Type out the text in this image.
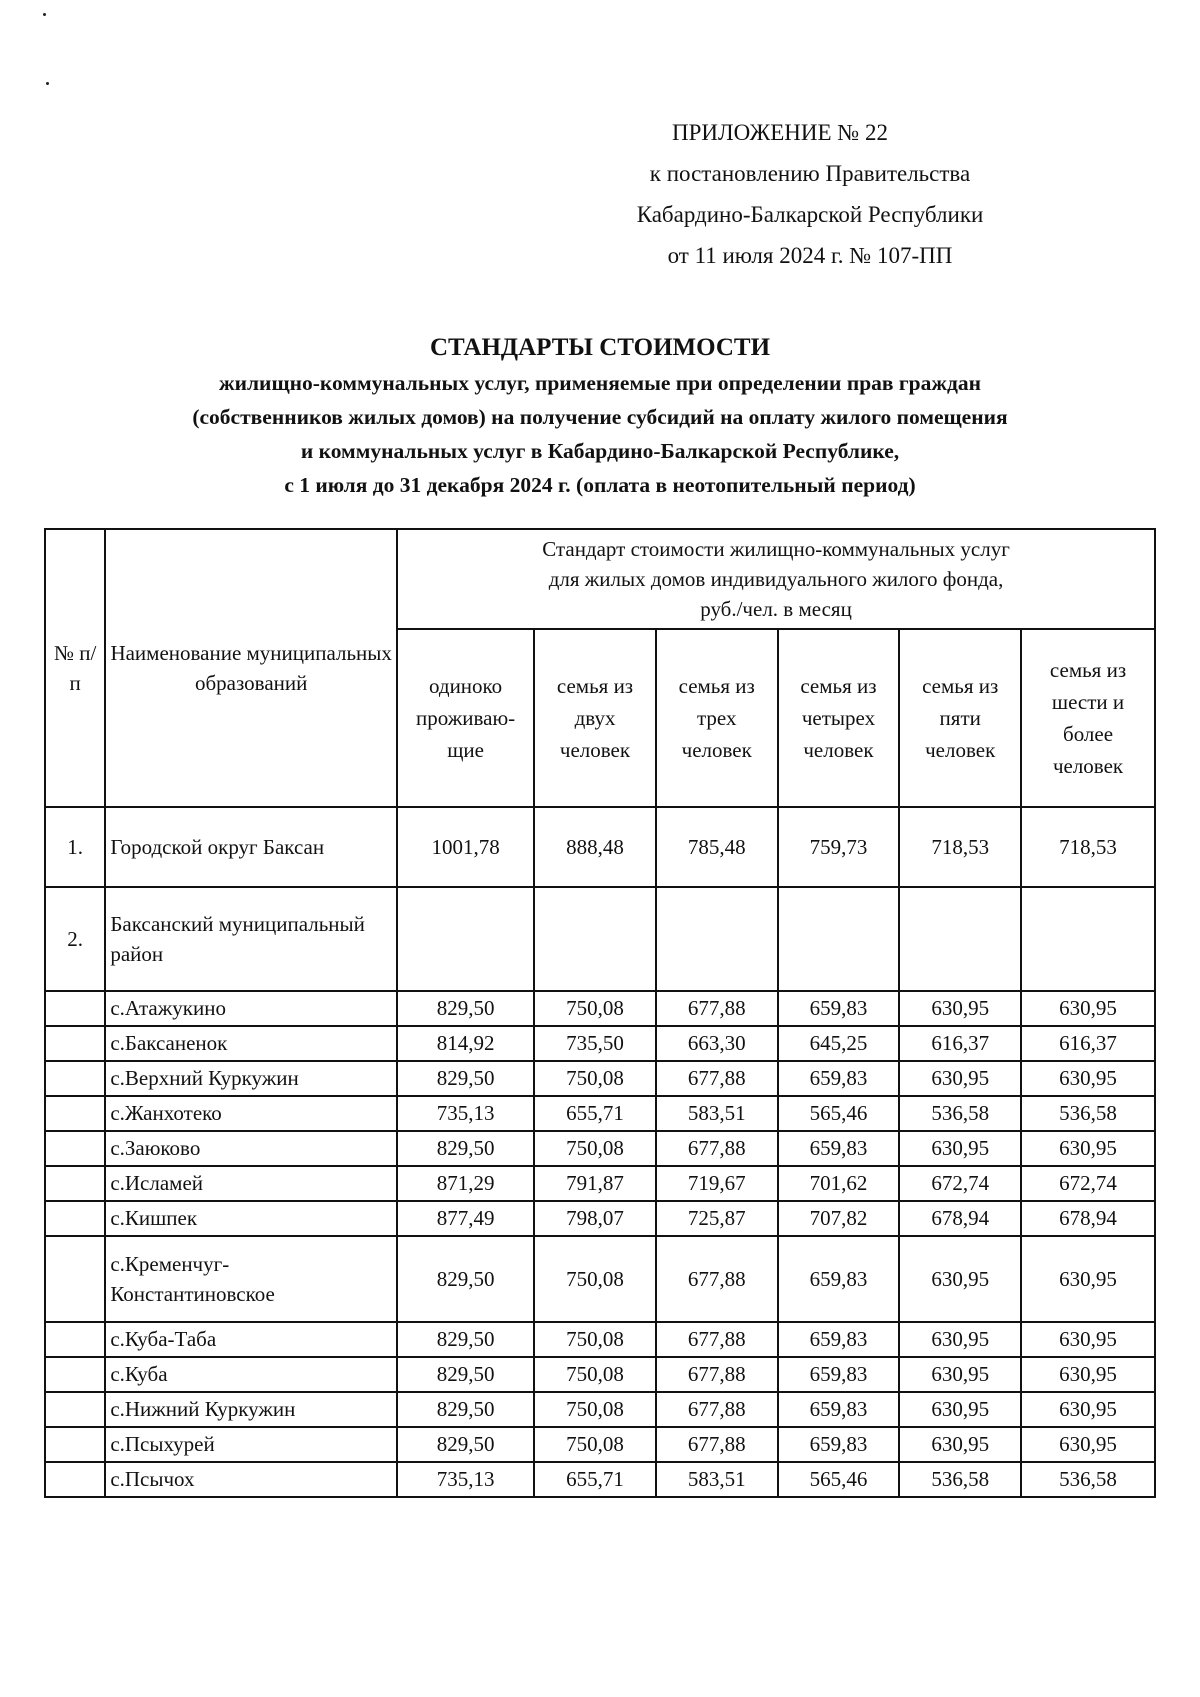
ПРИЛОЖЕНИЕ № 22
к постановлению Правительства
Кабардино-Балкарской Республики
от 11 июля 2024 г. № 107-ПП
СТАНДАРТЫ СТОИМОСТИ
жилищно-коммунальных услуг, применяемые при определении прав граждан
(собственников жилых домов) на получение субсидий на оплату жилого помещения
и коммунальных услуг в Кабардино-Балкарской Республике,
с 1 июля до 31 декабря 2024 г. (оплата в неотопительный период)
№ п/п	Наименование муниципальных образований	Стандарт стоимости жилищно-коммунальных услуг
для жилых домов индивидуального жилого фонда,
руб./чел. в месяц					

		одиноко проживаю-щие	семья из двух человек	семья из трех человек	семья из четырех человек	семья из пяти человек	семья из шести и более человек
1.	Городской округ Баксан	1001,78	888,48	785,48	759,73	718,53	718,53
2.	Баксанский муниципальный район						
	с.Атажукино	829,50	750,08	677,88	659,83	630,95	630,95
	с.Баксаненок	814,92	735,50	663,30	645,25	616,37	616,37
	с.Верхний Куркужин	829,50	750,08	677,88	659,83	630,95	630,95
	с.Жанхотеко	735,13	655,71	583,51	565,46	536,58	536,58
	с.Заюково	829,50	750,08	677,88	659,83	630,95	630,95
	с.Исламей	871,29	791,87	719,67	701,62	672,74	672,74
	с.Кишпек	877,49	798,07	725,87	707,82	678,94	678,94
	с.Кременчуг-Константиновское	829,50	750,08	677,88	659,83	630,95	630,95
	с.Куба-Таба	829,50	750,08	677,88	659,83	630,95	630,95
	с.Куба	829,50	750,08	677,88	659,83	630,95	630,95
	с.Нижний Куркужин	829,50	750,08	677,88	659,83	630,95	630,95
	с.Псыхурей	829,50	750,08	677,88	659,83	630,95	630,95
	с.Псычох	735,13	655,71	583,51	565,46	536,58	536,58
